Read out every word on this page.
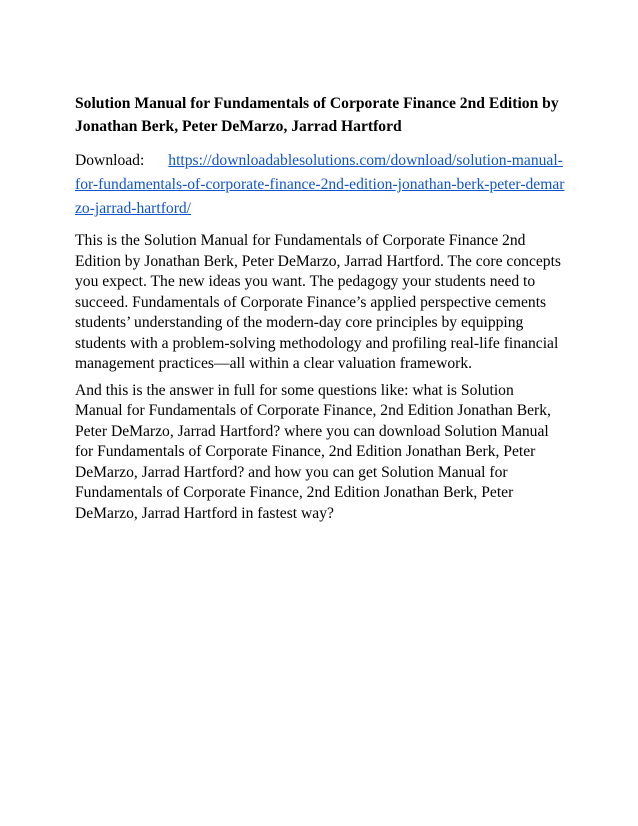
Solution Manual for Fundamentals of Corporate Finance 2nd Edition by Jonathan Berk, Peter DeMarzo, Jarrad Hartford
Download: https://downloadablesolutions.com/download/solution-manual-for-fundamentals-of-corporate-finance-2nd-edition-jonathan-berk-peter-demarzo-jarrad-hartford/

This is the Solution Manual for Fundamentals of Corporate Finance 2nd Edition by Jonathan Berk, Peter DeMarzo, Jarrad Hartford. The core concepts you expect. The new ideas you want. The pedagogy your students need to succeed. Fundamentals of Corporate Finance’s applied perspective cements students’ understanding of the modern-day core principles by equipping students with a problem-solving methodology and profiling real-life financial management practices—all within a clear valuation framework.

And this is the answer in full for some questions like: what is Solution Manual for Fundamentals of Corporate Finance, 2nd Edition Jonathan Berk, Peter DeMarzo, Jarrad Hartford? where you can download Solution Manual for Fundamentals of Corporate Finance, 2nd Edition Jonathan Berk, Peter DeMarzo, Jarrad Hartford? and how you can get Solution Manual for Fundamentals of Corporate Finance, 2nd Edition Jonathan Berk, Peter DeMarzo, Jarrad Hartford in fastest way?
